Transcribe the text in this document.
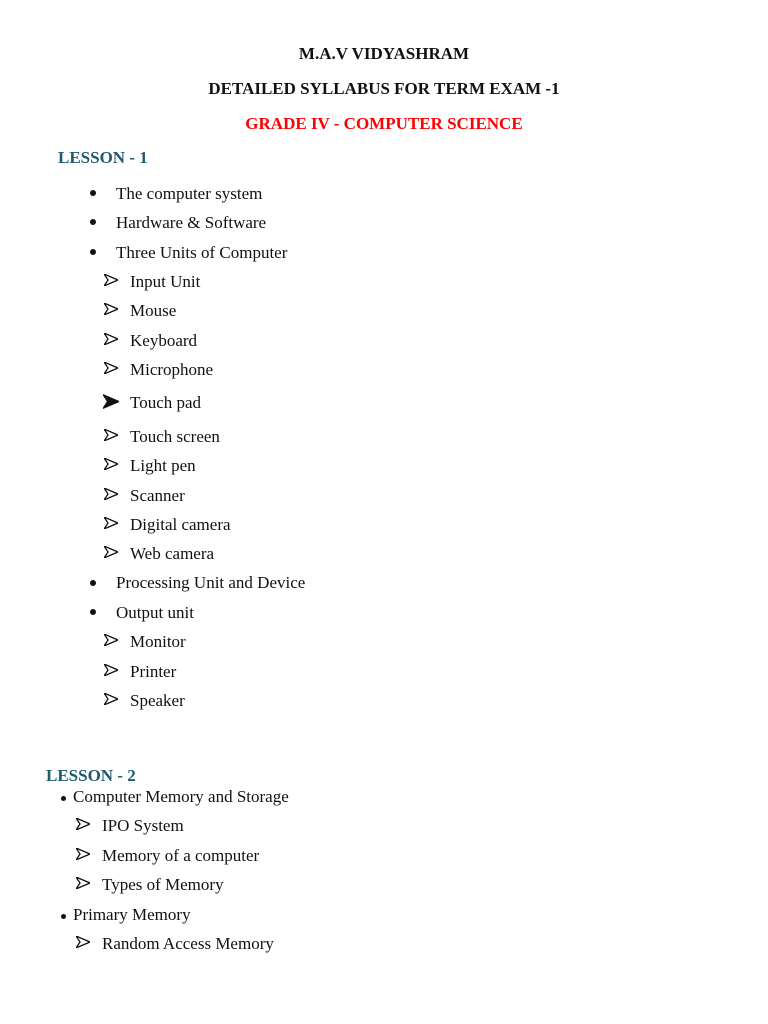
M.A.V VIDYASHRAM
DETAILED SYLLABUS FOR TERM EXAM -1
GRADE IV - COMPUTER SCIENCE
LESSON - 1
The computer system
Hardware & Software
Three Units of Computer
Input Unit
Mouse
Keyboard
Microphone
Touch pad
Touch screen
Light pen
Scanner
Digital camera
Web camera
Processing Unit and Device
Output unit
Monitor
Printer
Speaker
LESSON - 2
Computer Memory and Storage
IPO System
Memory of a computer
Types of Memory
Primary Memory
Random Access Memory
